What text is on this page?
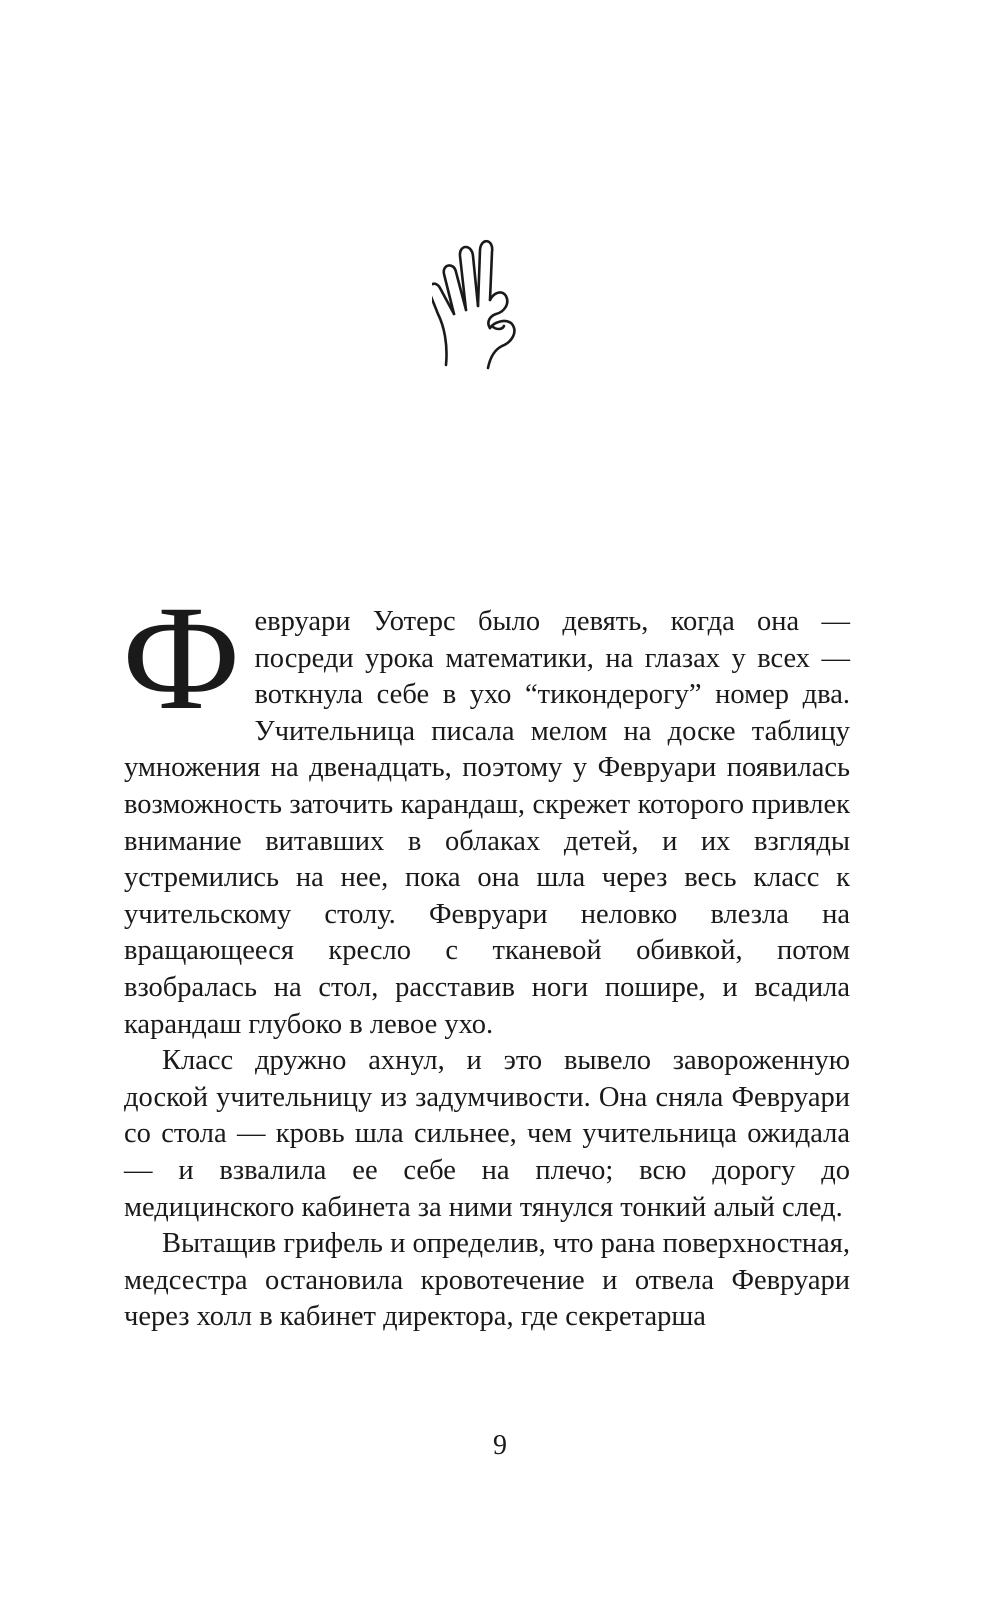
Февруари Уотерс было девять, когда она — посреди урока математики, на глазах у всех — воткнула себе в ухо “тикондерогу” номер два. Учительница писала мелом на доске таблицу умножения на двенадцать, поэтому у Февруари появилась возможность заточить карандаш, скрежет которого привлек внимание витавших в облаках детей, и их взгляды устремились на нее, пока она шла через весь класс к учительскому столу. Февруари неловко влезла на вращающееся кресло с тканевой обивкой, потом взобралась на стол, расставив ноги пошире, и всадила карандаш глубоко в левое ухо.

Класс дружно ахнул, и это вывело завороженную доской учительницу из задумчивости. Она сняла Февруари со стола — кровь шла сильнее, чем учительница ожидала — и взвалила ее себе на плечо; всю дорогу до медицинского кабинета за ними тянулся тонкий алый след.

Вытащив грифель и определив, что рана поверхностная, медсестра остановила кровотечение и отвела Февруари через холл в кабинет директора, где секретарша

9
